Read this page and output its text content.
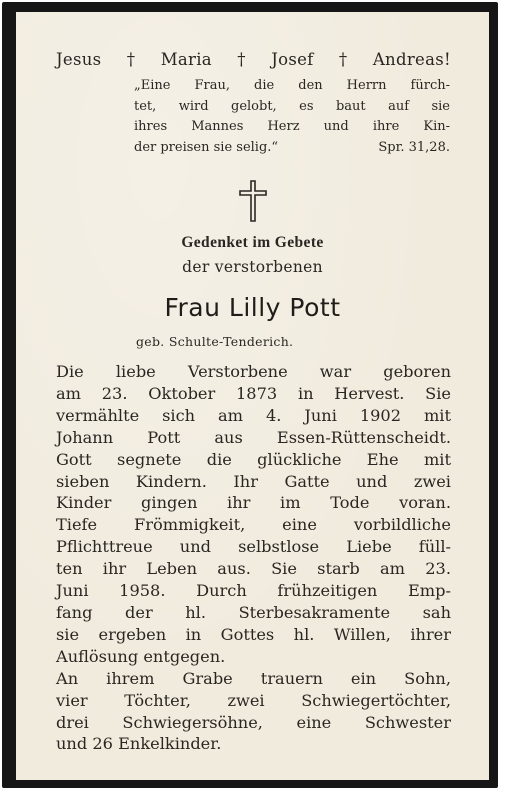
Jesus † Maria † Josef † Andreas!
„Eine Frau, die den Herrn fürch-
tet, wird gelobt, es baut auf sie
ihres Mannes Herz und ihre Kin-
der preisen sie selig.“	Spr. 31,28.
Gedenket im Gebete
der verstorbenen
Frau Lilly Pott
geb. Schulte-Tenderich.
Die liebe Verstorbene war geboren
am 23. Oktober 1873 in Hervest. Sie
vermählte sich am 4. Juni 1902 mit
Johann Pott aus Essen-Rüttenscheidt.
Gott segnete die glückliche Ehe mit
sieben Kindern. Ihr Gatte und zwei
Kinder gingen ihr im Tode voran.
Tiefe Frömmigkeit, eine vorbildliche
Pflichttreue und selbstlose Liebe füll-
ten ihr Leben aus. Sie starb am 23.
Juni 1958. Durch frühzeitigen Emp-
fang der hl. Sterbesakramente sah
sie ergeben in Gottes hl. Willen, ihrer
Auflösung entgegen.
An ihrem Grabe trauern ein Sohn,
vier Töchter, zwei Schwiegertöchter,
drei Schwiegersöhne, eine Schwester
und 26 Enkelkinder.
